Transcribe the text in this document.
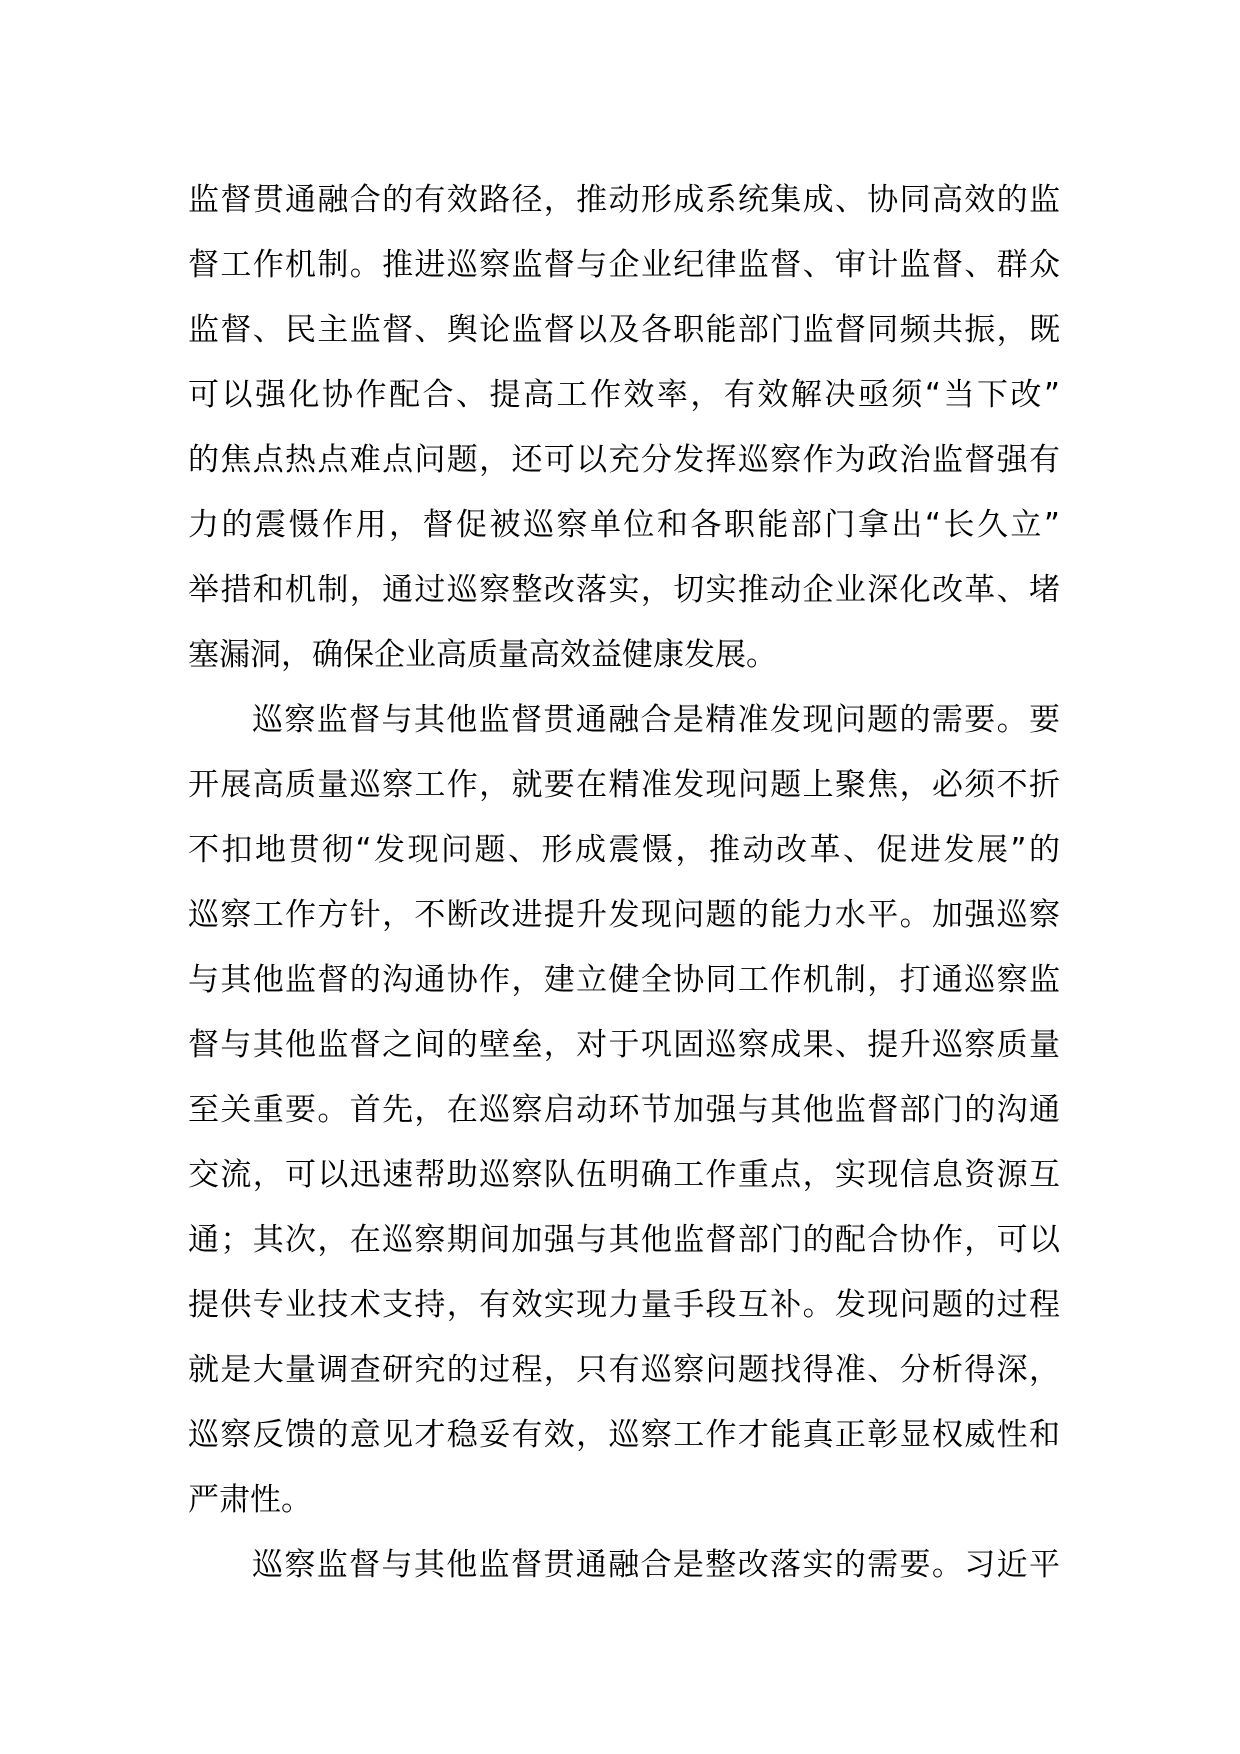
监督贯通融合的有效路径，推动形成系统集成、协同高效的监
督工作机制。推进巡察监督与企业纪律监督、审计监督、群众
监督、民主监督、舆论监督以及各职能部门监督同频共振，既
可以强化协作配合、提高工作效率，有效解决亟须“当下改”
的焦点热点难点问题，还可以充分发挥巡察作为政治监督强有
力的震慑作用，督促被巡察单位和各职能部门拿出“长久立”
举措和机制，通过巡察整改落实，切实推动企业深化改革、堵
塞漏洞，确保企业高质量高效益健康发展。
巡察监督与其他监督贯通融合是精准发现问题的需要。要
开展高质量巡察工作，就要在精准发现问题上聚焦，必须不折
不扣地贯彻“发现问题、形成震慑，推动改革、促进发展”的
巡察工作方针，不断改进提升发现问题的能力水平。加强巡察
与其他监督的沟通协作，建立健全协同工作机制，打通巡察监
督与其他监督之间的壁垒，对于巩固巡察成果、提升巡察质量
至关重要。首先，在巡察启动环节加强与其他监督部门的沟通
交流，可以迅速帮助巡察队伍明确工作重点，实现信息资源互
通；其次，在巡察期间加强与其他监督部门的配合协作，可以
提供专业技术支持，有效实现力量手段互补。发现问题的过程
就是大量调查研究的过程，只有巡察问题找得准、分析得深，
巡察反馈的意见才稳妥有效，巡察工作才能真正彰显权威性和
严肃性。
巡察监督与其他监督贯通融合是整改落实的需要。习近平
